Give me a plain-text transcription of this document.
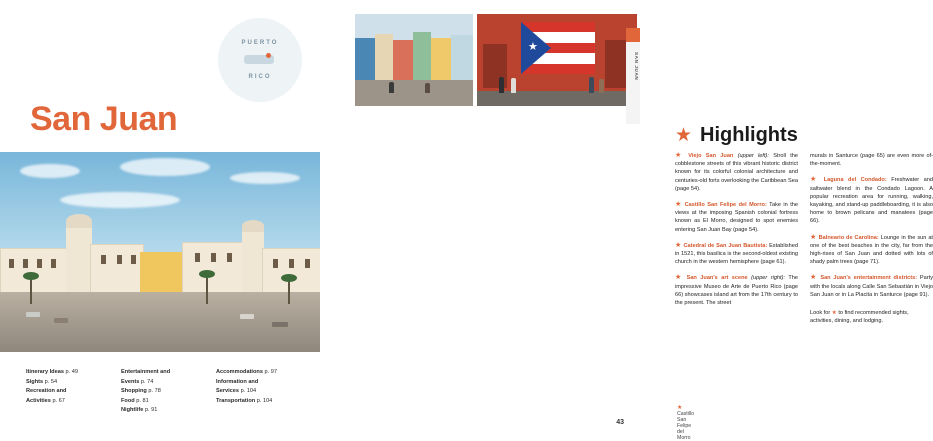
PUERTO
RICO
San Juan
Itinerary Ideas p. 49
Sights p. 54
Recreation and
Activities p. 67
Entertainment and
Events p. 74
Shopping p. 78
Food p. 81
Nightlife p. 91
Accommodations p. 97
Information and
Services p. 104
Transportation p. 104
★
★ Highlights
★ Viejo San Juan (upper left): Stroll the cobblestone streets of this vibrant historic district known for its colorful colonial architecture and centuries-old forts overlooking the Caribbean Sea (page 54).
★ Castillo San Felipe del Morro: Take in the views at the imposing Spanish colonial fortress known as El Morro, designed to spot enemies entering San Juan Bay (page 54).
★ Catedral de San Juan Bautista: Established in 1521, this basilica is the second-oldest existing church in the western hemisphere (page 61).
★ San Juan's art scene (upper right): The impressive Museo de Arte de Puerto Rico (page 66) showcases island art from the 17th century to the present. The street
murals in Santurce (page 65) are even more of-the-moment.
★ Laguna del Condado: Freshwater and saltwater blend in the Condado Lagoon. A popular recreation area for running, walking, kayaking, and stand-up paddleboarding, it is also home to brown pelicans and manatees (page 66).
★ Balneario de Carolina: Lounge in the sun at one of the best beaches in the city, far from the high-rises of San Juan and dotted with lots of shady palm trees (page 71).
★ San Juan's entertainment districts: Party with the locals along Calle San Sebastián in Viejo San Juan or in La Placita in Santurce (page 91).
Look for ★ to find recommended sights, activities, dining, and lodging.
★ Castillo San Felipe del Morro
43
SAN JUAN
